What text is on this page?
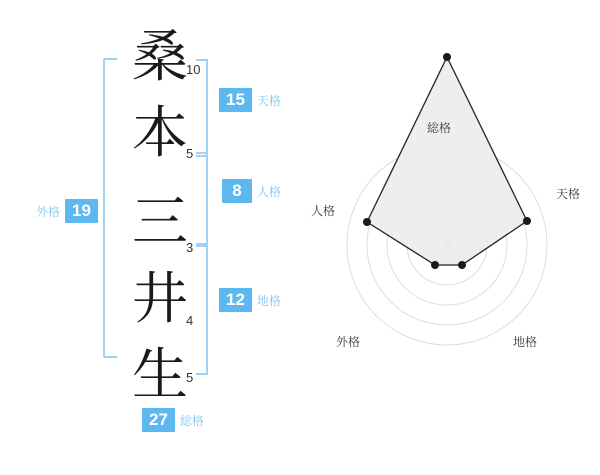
桑
本
三
井
生
10
5
3
4
5
15	天格
8	人格
12	地格
外格 19
27	総格
総格
天格
地格
外格
人格
